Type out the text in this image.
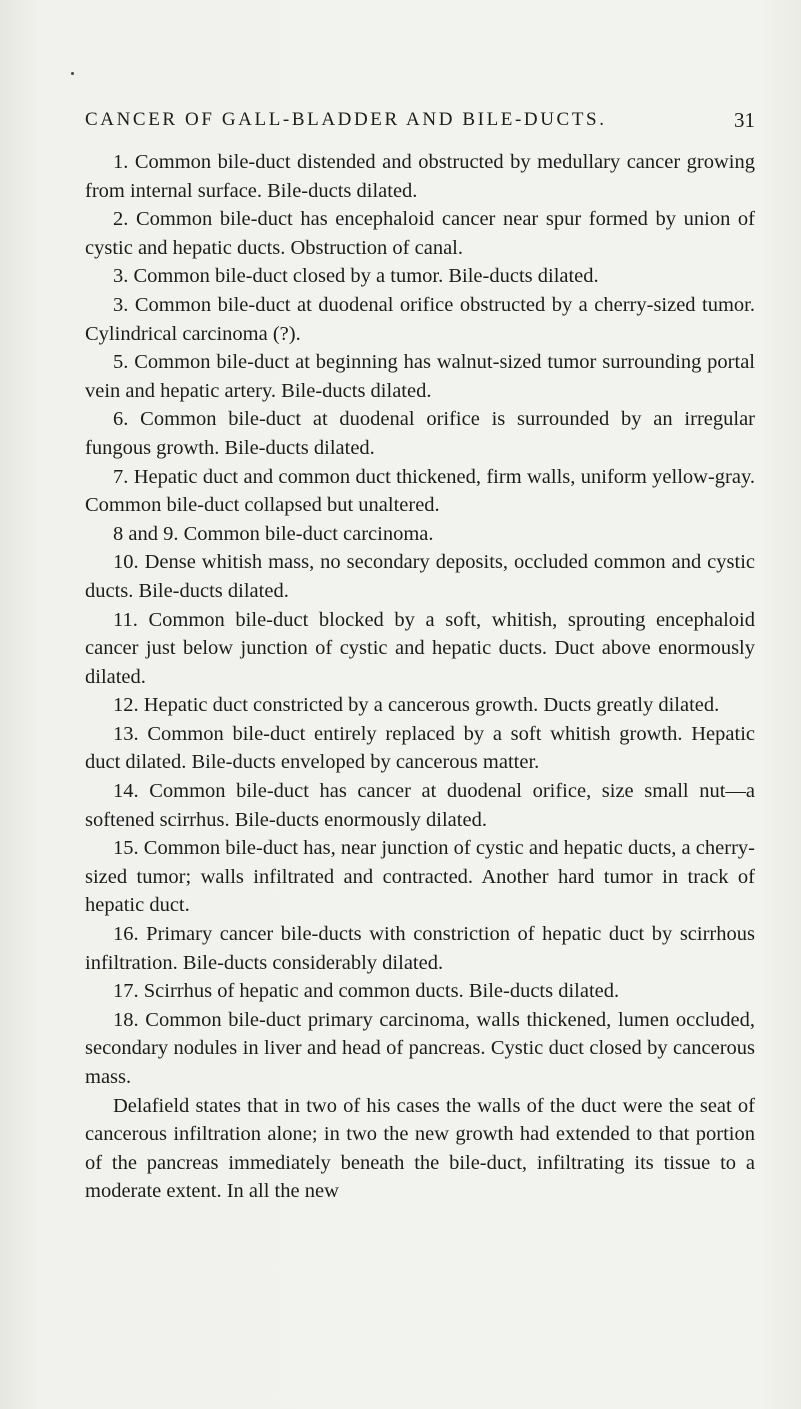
CANCER OF GALL-BLADDER AND BILE-DUCTS.	31

1. Common bile-duct distended and obstructed by medullary cancer growing from internal surface. Bile-ducts dilated.

2. Common bile-duct has encephaloid cancer near spur formed by union of cystic and hepatic ducts. Obstruction of canal.

3. Common bile-duct closed by a tumor. Bile-ducts dilated.

3. Common bile-duct at duodenal orifice obstructed by a cherry-sized tumor. Cylindrical carcinoma (?).

5. Common bile-duct at beginning has walnut-sized tumor surrounding portal vein and hepatic artery. Bile-ducts dilated.

6. Common bile-duct at duodenal orifice is surrounded by an irregular fungous growth. Bile-ducts dilated.

7. Hepatic duct and common duct thickened, firm walls, uniform yellow-gray. Common bile-duct collapsed but unaltered.

8 and 9. Common bile-duct carcinoma.

10. Dense whitish mass, no secondary deposits, occluded common and cystic ducts. Bile-ducts dilated.

11. Common bile-duct blocked by a soft, whitish, sprouting encephaloid cancer just below junction of cystic and hepatic ducts. Duct above enormously dilated.

12. Hepatic duct constricted by a cancerous growth. Ducts greatly dilated.

13. Common bile-duct entirely replaced by a soft whitish growth. Hepatic duct dilated. Bile-ducts enveloped by cancerous matter.

14. Common bile-duct has cancer at duodenal orifice, size small nut—a softened scirrhus. Bile-ducts enormously dilated.

15. Common bile-duct has, near junction of cystic and hepatic ducts, a cherry-sized tumor; walls infiltrated and contracted. Another hard tumor in track of hepatic duct.

16. Primary cancer bile-ducts with constriction of hepatic duct by scirrhous infiltration. Bile-ducts considerably dilated.

17. Scirrhus of hepatic and common ducts. Bile-ducts dilated.

18. Common bile-duct primary carcinoma, walls thickened, lumen occluded, secondary nodules in liver and head of pancreas. Cystic duct closed by cancerous mass.

Delafield states that in two of his cases the walls of the duct were the seat of cancerous infiltration alone; in two the new growth had extended to that portion of the pancreas immediately beneath the bile-duct, infiltrating its tissue to a moderate extent. In all the new
